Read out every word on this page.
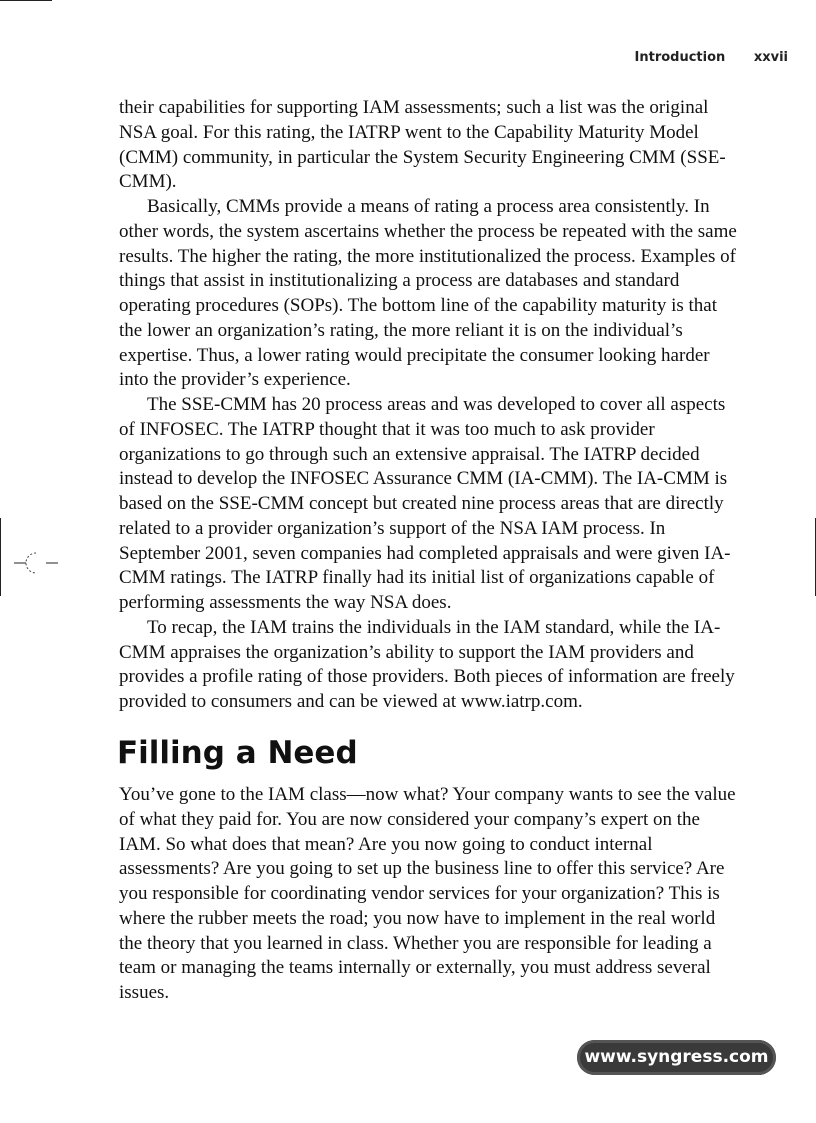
Introduction xxvii

their capabilities for supporting IAM assessments; such a list was the original NSA goal. For this rating, the IATRP went to the Capability Maturity Model (CMM) community, in particular the System Security Engineering CMM (SSE-CMM).

Basically, CMMs provide a means of rating a process area consistently. In other words, the system ascertains whether the process be repeated with the same results. The higher the rating, the more institutionalized the process. Examples of things that assist in institutionalizing a process are databases and standard operating procedures (SOPs). The bottom line of the capability maturity is that the lower an organization’s rating, the more reliant it is on the individual’s expertise. Thus, a lower rating would precipitate the consumer looking harder into the provider’s experience.

The SSE-CMM has 20 process areas and was developed to cover all aspects of INFOSEC. The IATRP thought that it was too much to ask provider organizations to go through such an extensive appraisal. The IATRP decided instead to develop the INFOSEC Assurance CMM (IA-CMM). The IA-CMM is based on the SSE-CMM concept but created nine process areas that are directly related to a provider organization’s support of the NSA IAM process. In September 2001, seven companies had completed appraisals and were given IA-CMM ratings. The IATRP finally had its initial list of organizations capable of performing assessments the way NSA does.

To recap, the IAM trains the individuals in the IAM standard, while the IA-CMM appraises the organization’s ability to support the IAM providers and provides a profile rating of those providers. Both pieces of information are freely provided to consumers and can be viewed at www.iatrp.com.

Filling a Need

You’ve gone to the IAM class—now what? Your company wants to see the value of what they paid for. You are now considered your company’s expert on the IAM. So what does that mean? Are you now going to conduct internal assessments? Are you going to set up the business line to offer this service? Are you responsible for coordinating vendor services for your organization? This is where the rubber meets the road; you now have to implement in the real world the theory that you learned in class. Whether you are responsible for leading a team or managing the teams internally or externally, you must address several issues.

www.syngress.com
